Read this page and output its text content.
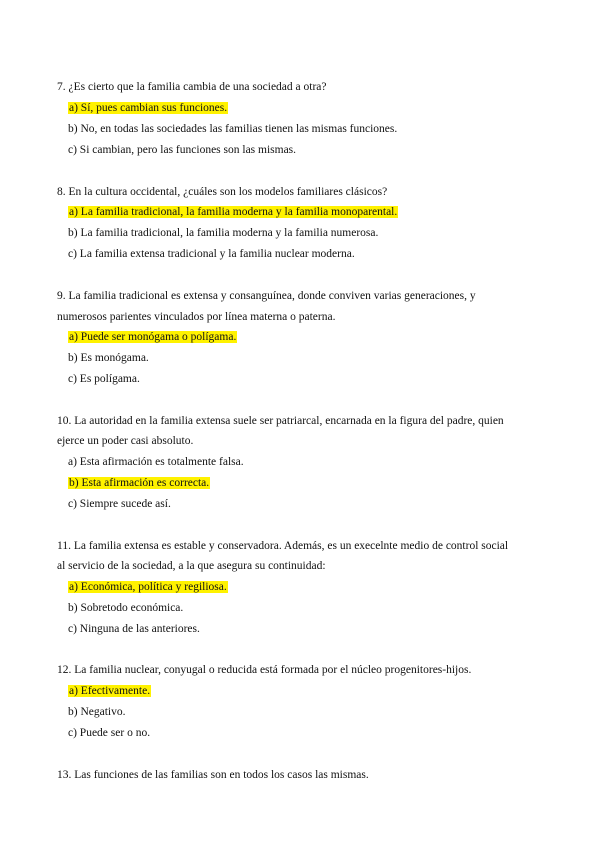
7. ¿Es cierto que la familia cambia de una sociedad a otra?
a) Sí, pues cambian sus funciones.
b) No, en todas las sociedades las familias tienen las mismas funciones.
c) Si cambian, pero las funciones son las mismas.
8. En la cultura occidental, ¿cuáles son los modelos familiares clásicos?
a) La familia tradicional, la familia moderna y la familia monoparental.
b) La familia tradicional, la familia moderna y la familia numerosa.
c) La familia extensa tradicional y la familia nuclear moderna.
9. La familia tradicional es extensa y consanguínea, donde conviven varias generaciones, y
numerosos parientes vinculados por línea materna o paterna.
a) Puede ser monógama o polígama.
b) Es monógama.
c) Es polígama.
10. La autoridad en la familia extensa suele ser patriarcal, encarnada en la figura del padre, quien
ejerce un poder casi absoluto.
a) Esta afirmación es totalmente falsa.
b) Esta afirmación es correcta.
c) Siempre sucede así.
11. La familia extensa es estable y conservadora. Además, es un execelnte medio de control social
al servicio de la sociedad, a la que asegura su continuidad:
a) Económica, política y regiliosa.
b) Sobretodo económica.
c) Ninguna de las anteriores.
12. La familia nuclear, conyugal o reducida está formada por el núcleo progenitores-hijos.
a) Efectivamente.
b) Negativo.
c) Puede ser o no.
13. Las funciones de las familias son en todos los casos las mismas.
